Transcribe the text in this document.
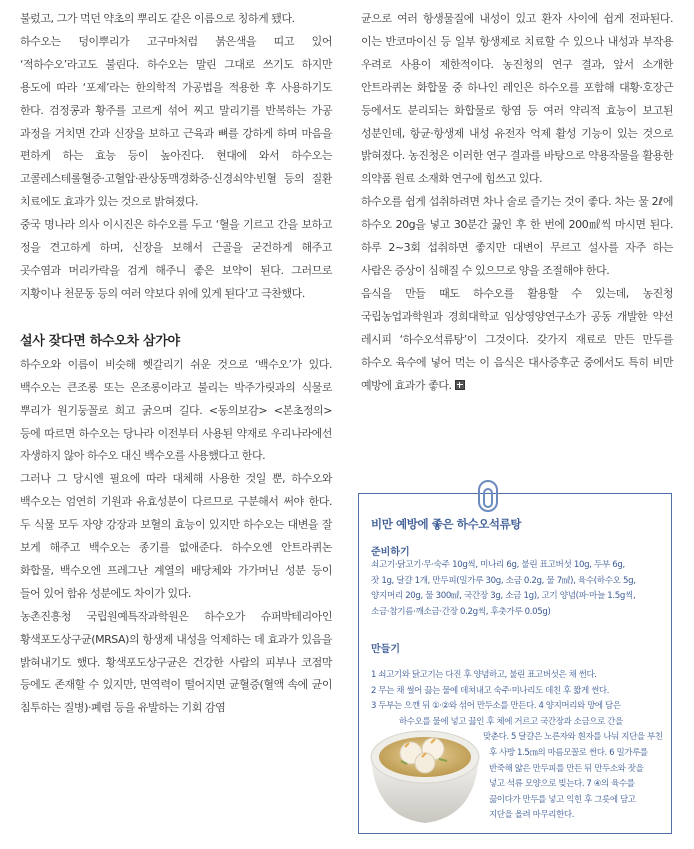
불렀고, 그가 먹던 약초의 뿌리도 같은 이름으로 칭하게 됐다.

하수오는 덩이뿌리가 고구마처럼 붉은색을 띠고 있어 ‘적하수오’라고도 불린다. 하수오는 말린 그대로 쓰기도 하지만 용도에 따라 ‘포제’라는 한의학적 가공법을 적용한 후 사용하기도 한다. 검정콩과 황주를 고르게 섞어 찌고 말리기를 반복하는 가공 과정을 거치면 간과 신장을 보하고 근육과 뼈를 강하게 하며 마음을 편하게 하는 효능 등이 높아진다. 현대에 와서 하수오는 고콜레스테롤혈증·고혈압·관상동맥경화증·신경쇠약·빈혈 등의 질환 치료에도 효과가 있는 것으로 밝혀졌다.

중국 명나라 의사 이시진은 하수오를 두고 ‘혈을 기르고 간을 보하고 정을 견고하게 하며, 신장을 보해서 근골을 굳건하게 해주고 곳수염과 머리카락을 검게 해주니 좋은 보약이 된다. 그러므로 지황이나 천문동 등의 여러 약보다 위에 있게 된다’고 극찬했다.

설사 잦다면 하수오차 삼가야

하수오와 이름이 비슷해 헷갈리기 쉬운 것으로 ‘백수오’가 있다. 백수오는 큰조롱 또는 은조롱이라고 불리는 박주가릿과의 식물로 뿌리가 원기둥꼴로 희고 굵으며 길다. <동의보감> <본초정의> 등에 따르면 하수오는 당나라 이전부터 사용된 약재로 우리나라에선 자생하지 않아 하수오 대신 백수오를 사용했다고 한다.

그러나 그 당시엔 필요에 따라 대체해 사용한 것일 뿐, 하수오와 백수오는 엄연히 기원과 유효성분이 다르므로 구분해서 써야 한다. 두 식물 모두 자양 강장과 보혈의 효능이 있지만 하수오는 대변을 잘 보게 해주고 백수오는 종기를 없애준다. 하수오엔 안트라퀴논 화합물, 백수오엔 프레그난 계열의 배당체와 가가머닌 성분 등이 들어 있어 함유 성분에도 차이가 있다.

농촌진흥청 국립원예특작과학원은 하수오가 슈퍼박테리아인 황색포도상구균(MRSA)의 항생제 내성을 억제하는 데 효과가 있음을 밝혀내기도 했다. 황색포도상구균은 건강한 사람의 피부나 코점막 등에도 존재할 수 있지만, 면역력이 떨어지면 균혈증(혈액 속에 균이 침투하는 질병)·폐렴 등을 유발하는 기회 감염

균으로 여러 항생물질에 내성이 있고 환자 사이에 쉽게 전파된다. 이는 반코마이신 등 일부 항생제로 치료할 수 있으나 내성과 부작용 우려로 사용이 제한적이다. 농진청의 연구 결과, 앞서 소개한 안트라퀴논 화합물 중 하나인 레인은 하수오를 포함해 대황·호장근 등에서도 분리되는 화합물로 항염 등 여러 약리적 효능이 보고된 성분인데, 항균·항생제 내성 유전자 억제 활성 기능이 있는 것으로 밝혀졌다. 농진청은 이러한 연구 결과를 바탕으로 약용작물을 활용한 의약품 원료 소재화 연구에 힘쓰고 있다.

하수오를 쉽게 섭취하려면 차나 술로 즐기는 것이 좋다. 차는 물 2ℓ에 하수오 20g을 넣고 30분간 끓인 후 한 번에 200㎖씩 마시면 된다. 하루 2~3회 섭취하면 좋지만 대변이 무르고 설사를 자주 하는 사람은 증상이 심해질 수 있으므로 양을 조절해야 한다.

음식을 만들 때도 하수오를 활용할 수 있는데, 농진청 국립농업과학원과 경희대학교 임상영양연구소가 공동 개발한 약선 레시피 ‘하수오석류탕’이 그것이다. 갖가지 재료로 만든 만두를 하수오 육수에 넣어 먹는 이 음식은 대사증후군 중에서도 특히 비만 예방에 효과가 좋다.

비만 예방에 좋은 하수오석류탕
준비하기
쇠고기·닭고기·무·숙주 10g씩, 미나리 6g, 불린 표고버섯 10g, 두부 6g,
잣 1g, 달걀 1개, 만두피(밀가루 30g, 소금 0.2g, 물 7㎖), 육수(하수오 5g,
양지머리 20g, 물 300㎖, 국간장 3g, 소금 1g), 고기 양념(파·마늘 1.5g씩,
소금·참기름·깨소금·간장 0.2g씩, 후춧가루 0.05g)
만들기

1 쇠고기와 닭고기는 다진 후 양념하고, 불린 표고버섯은 채 썬다.

2 무는 채 썰어 끓는 물에 데쳐내고 숙주·미나리도 데친 후 짧게 썬다.

3 두부는 으깬 뒤 ①·②와 섞어 만두소를 만든다. 4 양지머리와 망에 담은

하수오를 물에 넣고 끓인 후 체에 거르고 국간장과 소금으로 간을

맞춘다. 5 달걀은 노른자와 흰자를 나눠 지단을 부친

후 사방 1.5㎝의 마름모꼴로 썬다. 6 밀가루를

반죽해 얇은 만두피를 만든 뒤 만두소와 잣을

넣고 석류 모양으로 빚는다. 7 ④의 육수를

끓이다가 만두를 넣고 익힌 후 그릇에 담고

지단을 올려 마무리한다.
